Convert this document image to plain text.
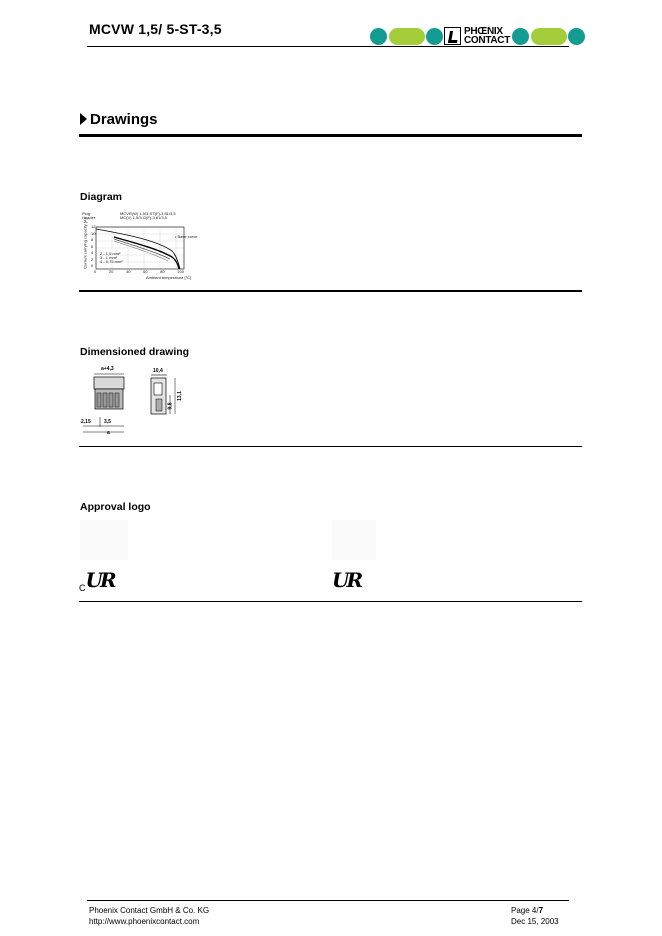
MCVW 1,5/ 5-ST-3,5	PHŒNIX
CONTACT
Drawings
Diagram
Plug:
Header:
MCVR(W) 1,5/3-ST(F)-3,81/3,5
MC(V) 1,5/3-G(F)-3,81/3,5
• Base curve
2 - 1,5 mm²
3 - 1 mm²
4 - 0,75 mm²
0	20	40	60	80	100
0
2
4
6
8
10
12
Ambient temperature [°C]
Current carrying capacity [A]
Dimensioned drawing
a+4,3
2,15	3,5
a
10,4
13,1
9,8
Approval logo
$_C$UR	UR
Phoenix Contact GmbH & Co. KG
http://www.phoenixcontact.com
Page 4/7
Dec 15, 2003
